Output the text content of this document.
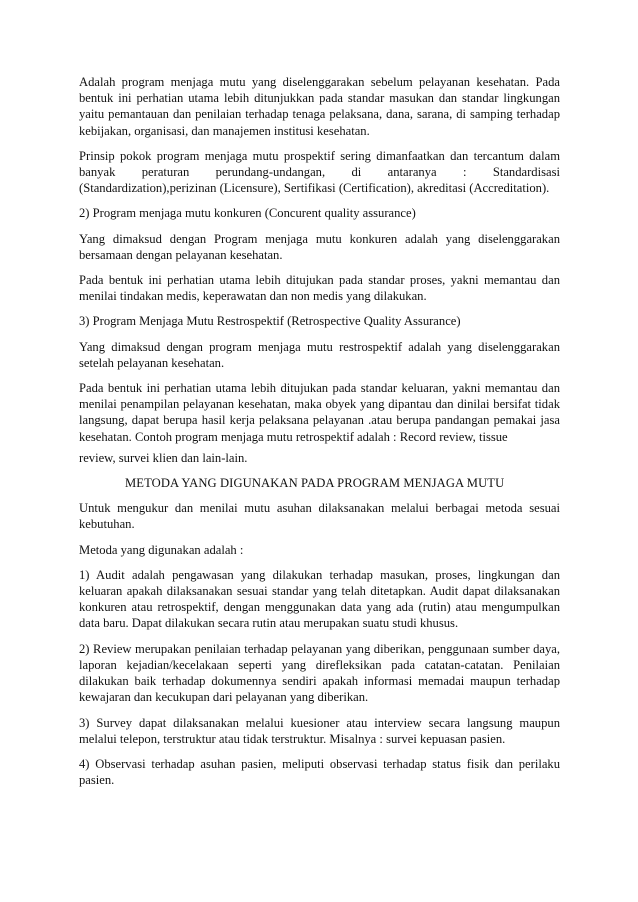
Adalah program menjaga mutu yang diselenggarakan sebelum pelayanan kesehatan. Pada bentuk ini perhatian utama lebih ditunjukkan pada standar masukan dan standar lingkungan yaitu pemantauan dan penilaian terhadap tenaga pelaksana, dana, sarana, di samping terhadap kebijakan, organisasi, dan manajemen institusi kesehatan.

Prinsip pokok program menjaga mutu prospektif sering dimanfaatkan dan tercantum dalam banyak peraturan perundang-undangan, di antaranya : Standardisasi (Standardization),perizinan (Licensure), Sertifikasi (Certification), akreditasi (Accreditation).

2) Program menjaga mutu konkuren (Concurent quality assurance)

Yang dimaksud dengan Program menjaga mutu konkuren adalah yang diselenggarakan bersamaan dengan pelayanan kesehatan.

Pada bentuk ini perhatian utama lebih ditujukan pada standar proses, yakni memantau dan menilai tindakan medis, keperawatan dan non medis yang dilakukan.

3) Program Menjaga Mutu Restrospektif (Retrospective Quality Assurance)

Yang dimaksud dengan program menjaga mutu restrospektif adalah yang diselenggarakan setelah pelayanan kesehatan.

Pada bentuk ini perhatian utama lebih ditujukan pada standar keluaran, yakni memantau dan menilai penampilan pelayanan kesehatan, maka obyek yang dipantau dan dinilai bersifat tidak langsung, dapat berupa hasil kerja pelaksana pelayanan .atau berupa pandangan pemakai jasa kesehatan. Contoh program menjaga mutu retrospektif adalah : Record review, tissue

review, survei klien dan lain-lain.

METODA YANG DIGUNAKAN PADA PROGRAM MENJAGA MUTU

Untuk mengukur dan menilai mutu asuhan dilaksanakan melalui berbagai metoda sesuai kebutuhan.

Metoda yang digunakan adalah :

1) Audit adalah pengawasan yang dilakukan terhadap masukan, proses, lingkungan dan keluaran apakah dilaksanakan sesuai standar yang telah ditetapkan. Audit dapat dilaksanakan konkuren atau retrospektif, dengan menggunakan data yang ada (rutin) atau mengumpulkan data baru. Dapat dilakukan secara rutin atau merupakan suatu studi khusus.

2) Review merupakan penilaian terhadap pelayanan yang diberikan, penggunaan sumber daya, laporan kejadian/kecelakaan seperti yang direfleksikan pada catatan-catatan. Penilaian dilakukan baik terhadap dokumennya sendiri apakah informasi memadai maupun terhadap kewajaran dan kecukupan dari pelayanan yang diberikan.

3) Survey dapat dilaksanakan melalui kuesioner atau interview secara langsung maupun melalui telepon, terstruktur atau tidak terstruktur. Misalnya : survei kepuasan pasien.

4) Observasi terhadap asuhan pasien, meliputi observasi terhadap status fisik dan perilaku pasien.
